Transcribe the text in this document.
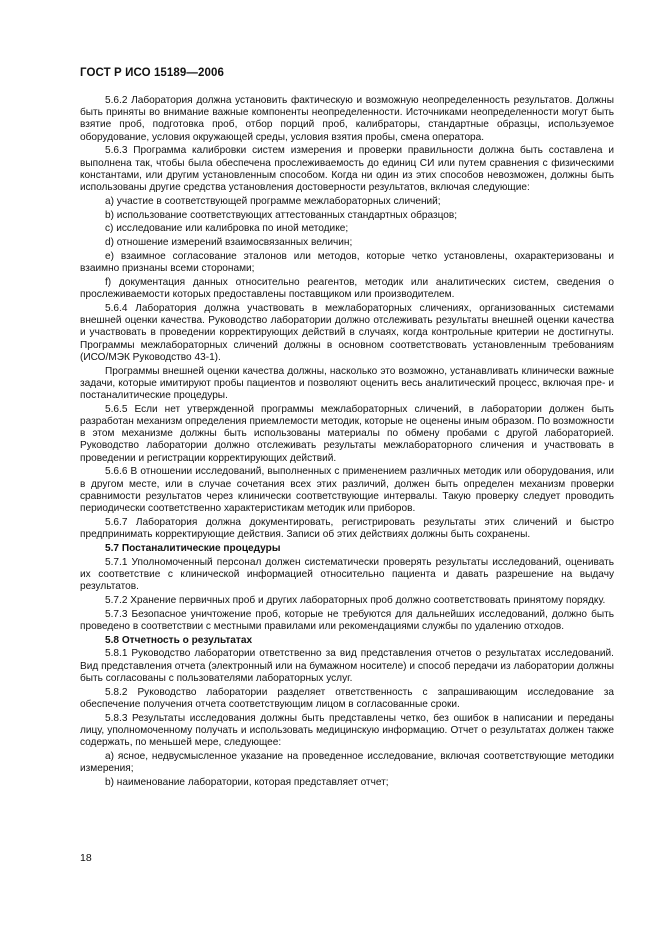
ГОСТ Р ИСО 15189—2006

5.6.2 Лаборатория должна установить фактическую и возможную неопределенность результатов. Должны быть приняты во внимание важные компоненты неопределенности. Источниками неопределенности могут быть взятие проб, подготовка проб, отбор порций проб, калибраторы, стандартные образцы, используемое оборудование, условия окружающей среды, условия взятия пробы, смена оператора.

5.6.3 Программа калибровки систем измерения и проверки правильности должна быть составлена и выполнена так, чтобы была обеспечена прослеживаемость до единиц СИ или путем сравнения с физическими константами, или другим установленным способом. Когда ни один из этих способов невозможен, должны быть использованы другие средства установления достоверности результатов, включая следующие:

a) участие в соответствующей программе межлабораторных сличений;

b) использование соответствующих аттестованных стандартных образцов;

c) исследование или калибровка по иной методике;

d) отношение измерений взаимосвязанных величин;

e) взаимное согласование эталонов или методов, которые четко установлены, охарактеризованы и взаимно признаны всеми сторонами;

f) документация данных относительно реагентов, методик или аналитических систем, сведения о прослеживаемости которых предоставлены поставщиком или производителем.

5.6.4 Лаборатория должна участвовать в межлабораторных сличениях, организованных системами внешней оценки качества. Руководство лаборатории должно отслеживать результаты внешней оценки качества и участвовать в проведении корректирующих действий в случаях, когда контрольные критерии не достигнуты. Программы межлабораторных сличений должны в основном соответствовать установленным требованиям (ИСО/МЭК Руководство 43-1).

Программы внешней оценки качества должны, насколько это возможно, устанавливать клинически важные задачи, которые имитируют пробы пациентов и позволяют оценить весь аналитический процесс, включая пре- и постаналитические процедуры.

5.6.5 Если нет утвержденной программы межлабораторных сличений, в лаборатории должен быть разработан механизм определения приемлемости методик, которые не оценены иным образом. По возможности в этом механизме должны быть использованы материалы по обмену пробами с другой лабораторией. Руководство лаборатории должно отслеживать результаты межлабораторного сличения и участвовать в проведении и регистрации корректирующих действий.

5.6.6 В отношении исследований, выполненных с применением различных методик или оборудования, или в другом месте, или в случае сочетания всех этих различий, должен быть определен механизм проверки сравнимости результатов через клинически соответствующие интервалы. Такую проверку следует проводить периодически соответственно характеристикам методик или приборов.

5.6.7 Лаборатория должна документировать, регистрировать результаты этих сличений и быстро предпринимать корректирующие действия. Записи об этих действиях должны быть сохранены.

5.7 Постаналитические процедуры

5.7.1 Уполномоченный персонал должен систематически проверять результаты исследований, оценивать их соответствие с клинической информацией относительно пациента и давать разрешение на выдачу результатов.

5.7.2 Хранение первичных проб и других лабораторных проб должно соответствовать принятому порядку.

5.7.3 Безопасное уничтожение проб, которые не требуются для дальнейших исследований, должно быть проведено в соответствии с местными правилами или рекомендациями службы по удалению отходов.

5.8 Отчетность о результатах

5.8.1 Руководство лаборатории ответственно за вид представления отчетов о результатах исследований. Вид представления отчета (электронный или на бумажном носителе) и способ передачи из лаборатории должны быть согласованы с пользователями лабораторных услуг.

5.8.2 Руководство лаборатории разделяет ответственность с запрашивающим исследование за обеспечение получения отчета соответствующим лицом в согласованные сроки.

5.8.3 Результаты исследования должны быть представлены четко, без ошибок в написании и переданы лицу, уполномоченному получать и использовать медицинскую информацию. Отчет о результатах должен также содержать, по меньшей мере, следующее:

a) ясное, недвусмысленное указание на проведенное исследование, включая соответствующие методики измерения;

b) наименование лаборатории, которая представляет отчет;

18
